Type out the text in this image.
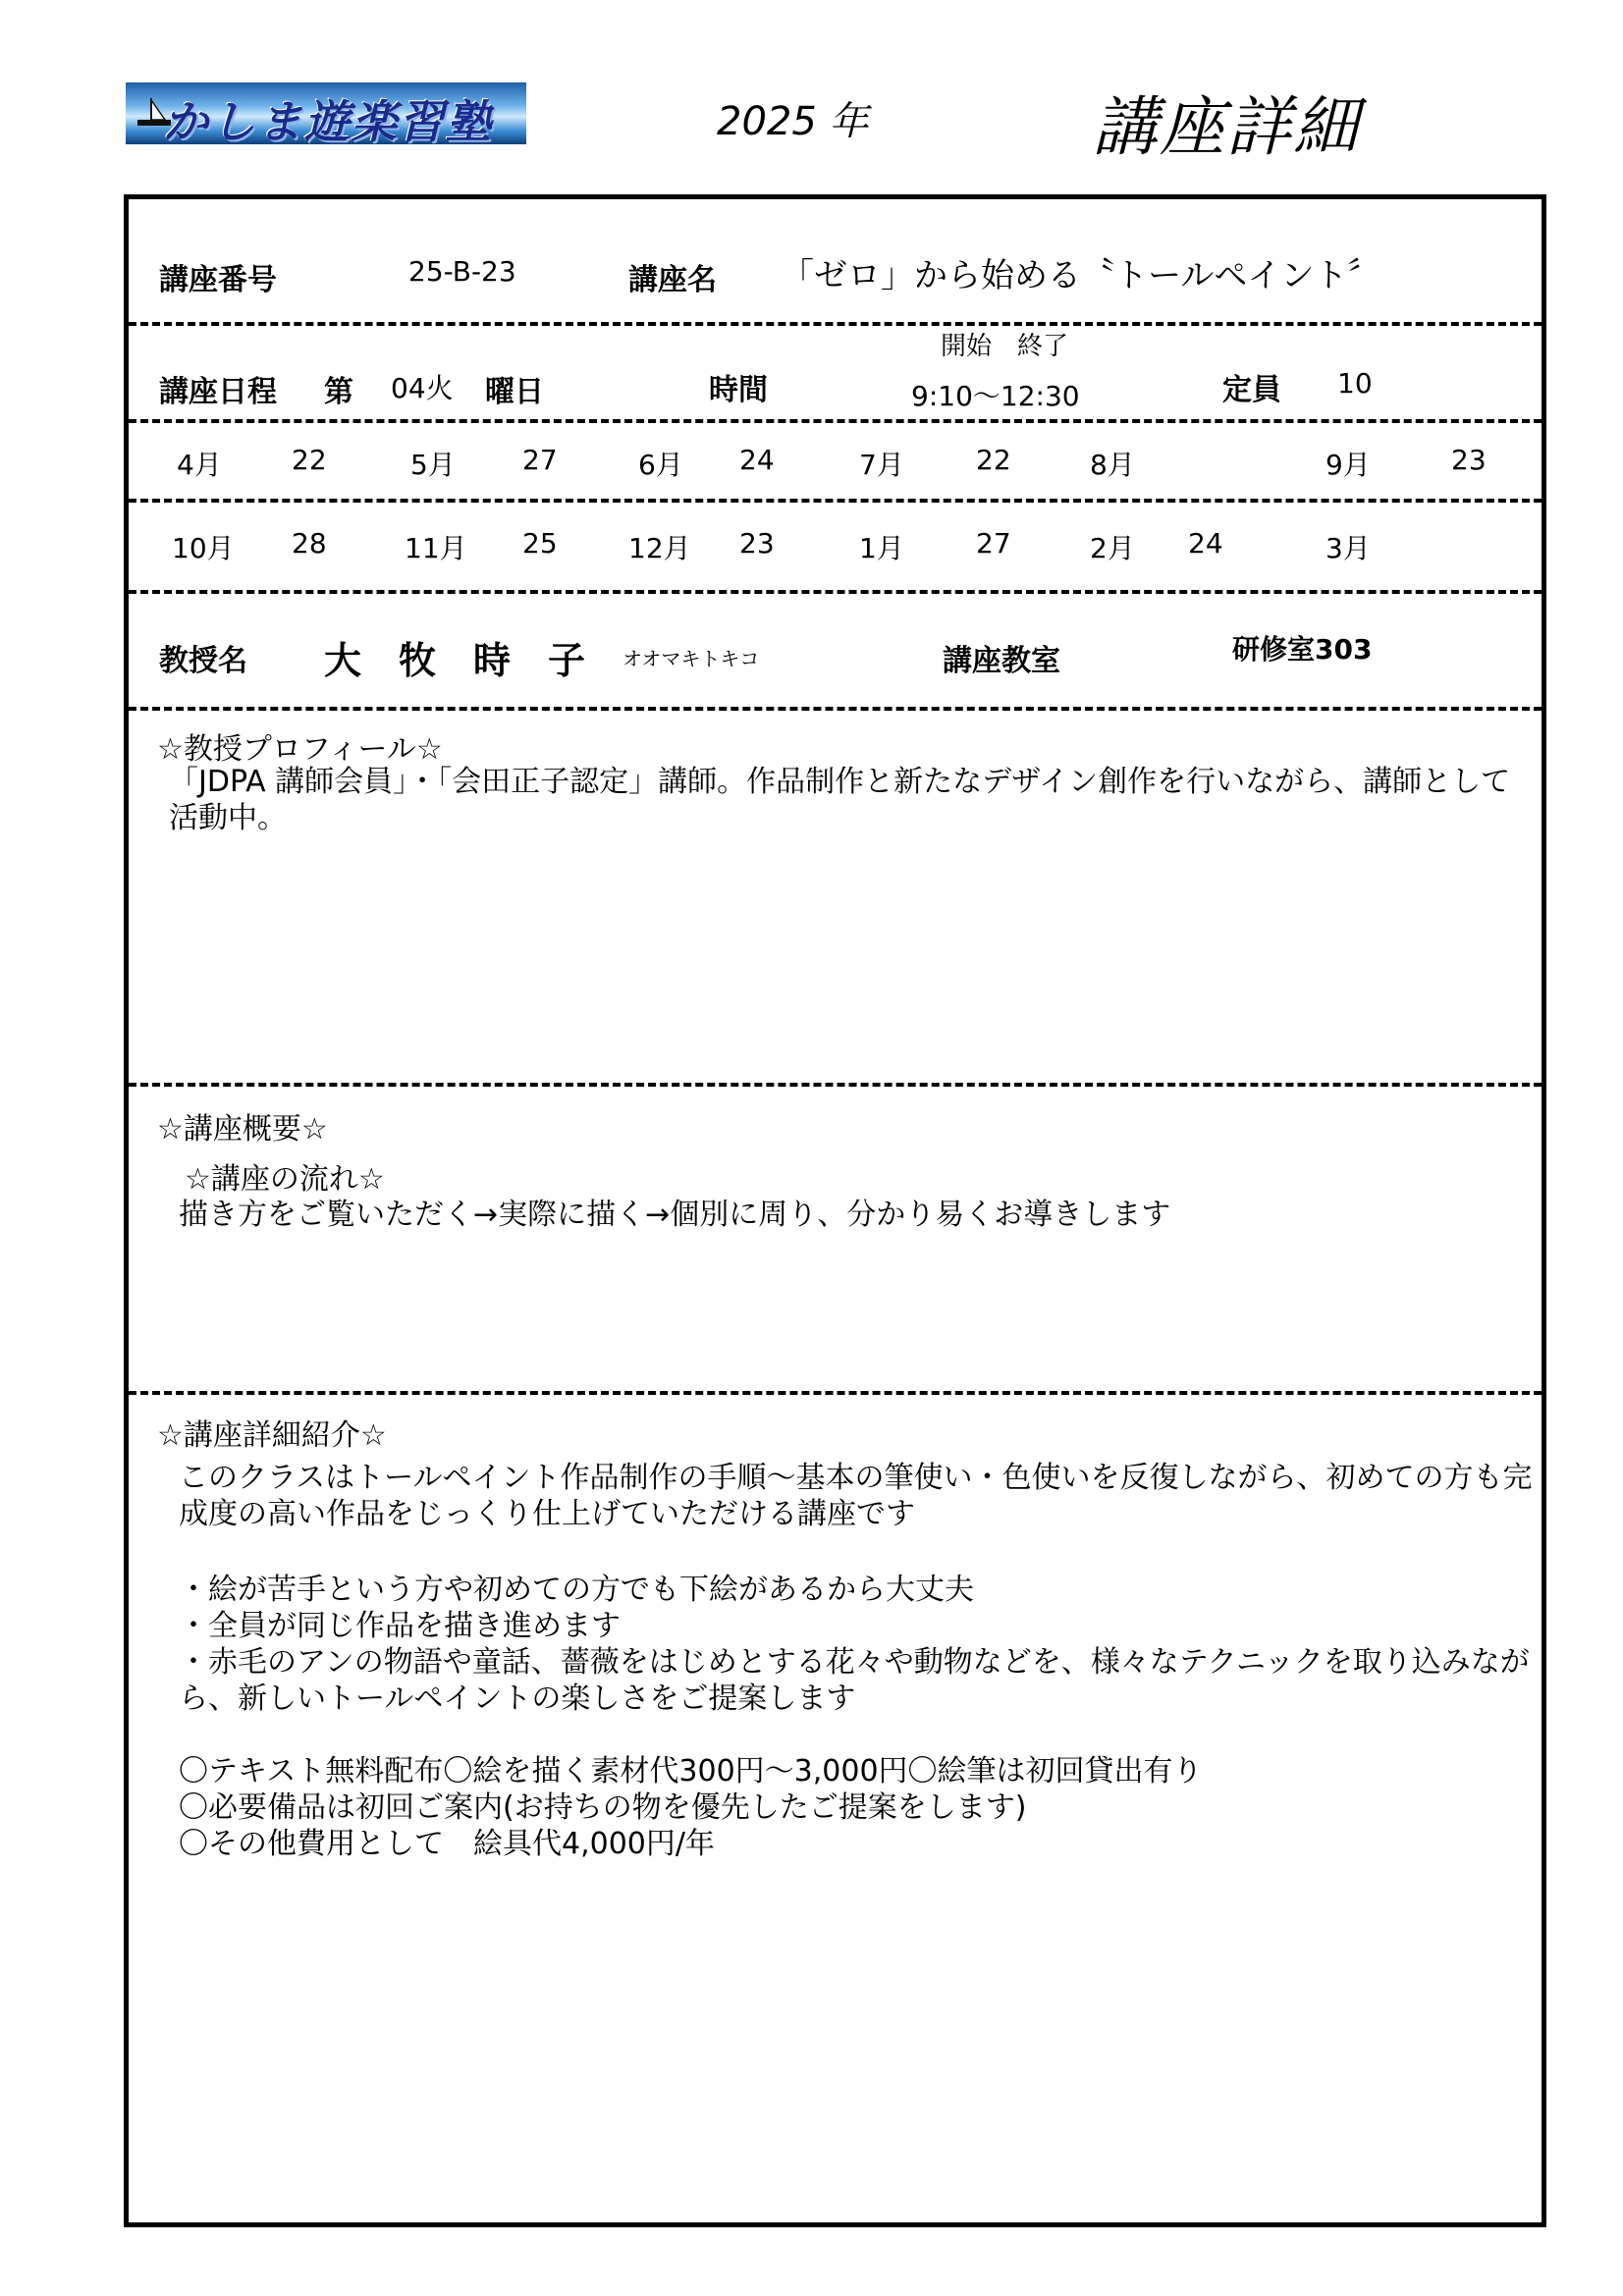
かしま遊楽習塾	2025 年	講座詳細
講座番号	25-B-23	講座名 「ゼロ」から始める〝トールペイント〞
講座日程 第 04火 曜日	時間
開始　終了
9:10～12:30	定員 10
4月	22	5月 27	6月 24	7月	22	8月	9月	23
10月 28	11月 25	12月 23	1月	27	2月 24	3月
教授名 大　牧　時　子 オオマキトキコ	講座教室	研修室303
☆教授プロフィール☆
「JDPA 講師会員」・「会田正子認定」講師。作品制作と新たなデザイン創作を行いながら、講師として活動中。
☆講座概要☆
☆講座の流れ☆
描き方をご覧いただく→実際に描く→個別に周り、分かり易くお導きします
☆講座詳細紹介☆
このクラスはトールペイント作品制作の手順～基本の筆使い・色使いを反復しながら、初めての方も完成度の高い作品をじっくり仕上げていただける講座です
・絵が苦手という方や初めての方でも下絵があるから大丈夫
・全員が同じ作品を描き進めます
・赤毛のアンの物語や童話、薔薇をはじめとする花々や動物などを、様々なテクニックを取り込みながら、新しいトールペイントの楽しさをご提案します
〇テキスト無料配布〇絵を描く素材代300円～3,000円〇絵筆は初回貸出有り
〇必要備品は初回ご案内(お持ちの物を優先したご提案をします)
〇その他費用として　絵具代4,000円/年
